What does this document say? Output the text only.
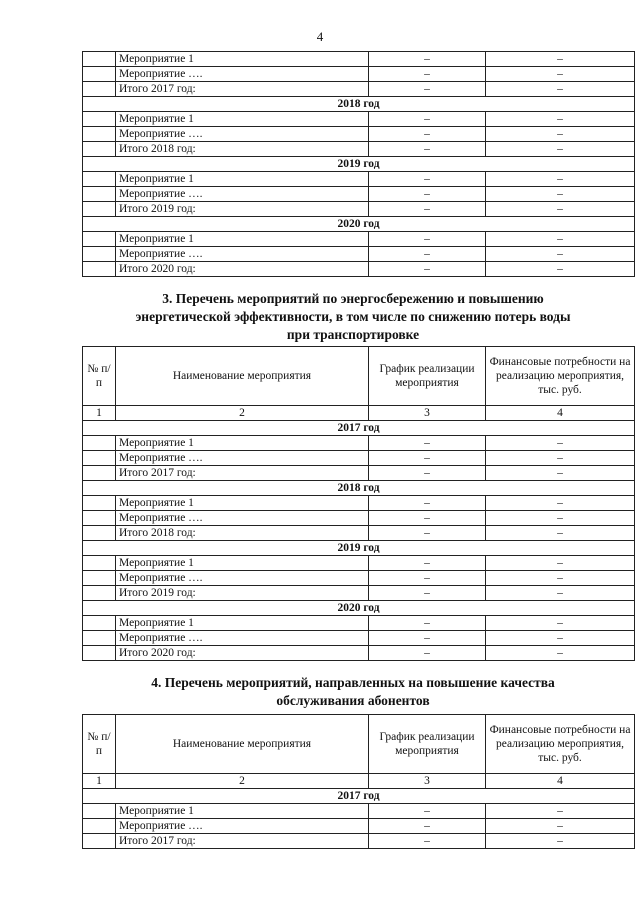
4
	Мероприятие 1	–	–
	Мероприятие ….	–	–
	Итого 2017 год:	–	–
2018 год			
	Мероприятие 1	–	–
	Мероприятие ….	–	–
	Итого 2018 год:	–	–
2019 год			
	Мероприятие 1	–	–
	Мероприятие ….	–	–
	Итого 2019 год:	–	–
2020 год			
	Мероприятие 1	–	–
	Мероприятие ….	–	–
	Итого 2020 год:	–	–
3. Перечень мероприятий по энергосбережению и повышению
энергетической эффективности, в том числе по снижению потерь воды
при транспортировке
№ п/п	Наименование мероприятия	График реализации мероприятия	Финансовые потребности на реализацию мероприятия, тыс. руб.
1	2	3	4
2017 год			
	Мероприятие 1	–	–
	Мероприятие ….	–	–
	Итого 2017 год:	–	–
2018 год			
	Мероприятие 1	–	–
	Мероприятие ….	–	–
	Итого 2018 год:	–	–
2019 год			
	Мероприятие 1	–	–
	Мероприятие ….	–	–
	Итого 2019 год:	–	–
2020 год			
	Мероприятие 1	–	–
	Мероприятие ….	–	–
	Итого 2020 год:	–	–
4. Перечень мероприятий, направленных на повышение качества
обслуживания абонентов
№ п/п	Наименование мероприятия	График реализации мероприятия	Финансовые потребности на реализацию мероприятия, тыс. руб.
1	2	3	4
2017 год			
	Мероприятие 1	–	–
	Мероприятие ….	–	–
	Итого 2017 год:	–	–
